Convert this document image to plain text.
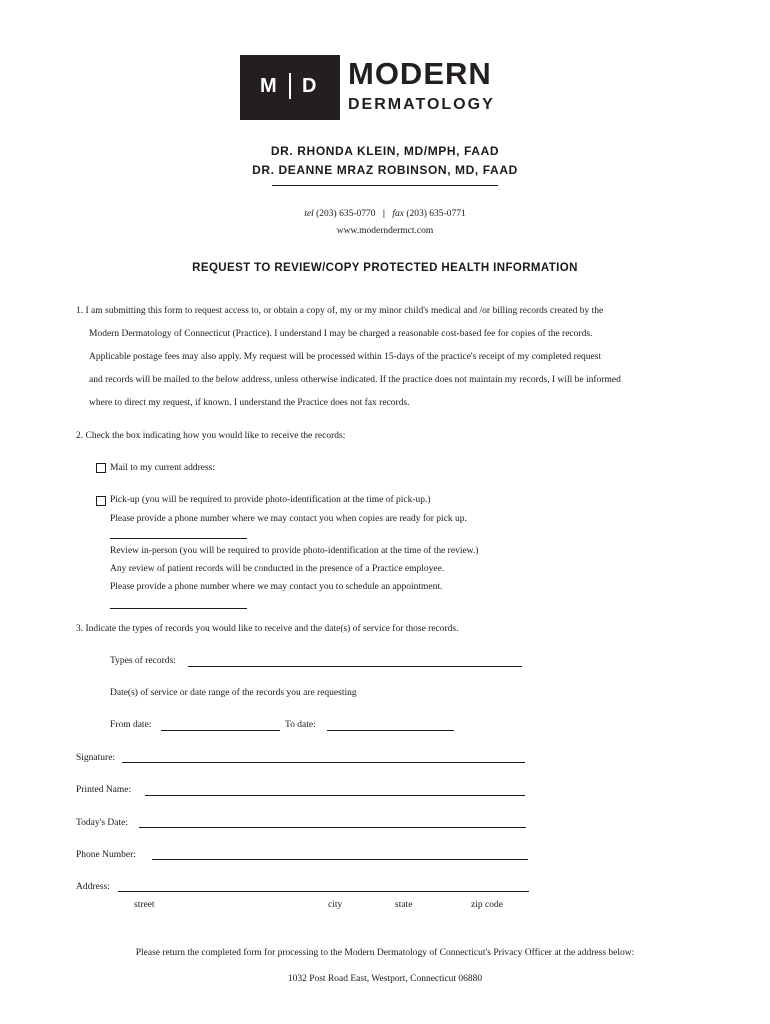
M D MODERN
DERMATOLOGY
DR. RHONDA KLEIN, MD/MPH, FAAD
DR. DEANNE MRAZ ROBINSON, MD, FAAD
tel (203) 635-0770 | fax (203) 635-0771
www.moderndermct.com
REQUEST TO REVIEW/COPY PROTECTED HEALTH INFORMATION
1. I am submitting this form to request access to, or obtain a copy of, my or my minor child's medical and /or billing records created by the
Modern Dermatology of Connecticut (Practice). I understand I may be charged a reasonable cost-based fee for copies of the records.
Applicable postage fees may also apply. My request will be processed within 15-days of the practice's receipt of my completed request
and records will be mailed to the below address, unless otherwise indicated. If the practice does not maintain my records, I will be informed
where to direct my request, if known. I understand the Practice does not fax records.
2. Check the box indicating how you would like to receive the records:
Mail to my current address:
Pick-up (you will be required to provide photo-identification at the time of pick-up.)
Please provide a phone number where we may contact you when copies are ready for pick up.
Review in-person (you will be required to provide photo-identification at the time of the review.)
Any review of patient records will be conducted in the presence of a Practice employee.
Please provide a phone number where we may contact you to schedule an appointment.
3. Indicate the types of records you would like to receive and the date(s) of service for those records.
Types of records:
Date(s) of service or date range of the records you are requesting
From date:	To date:
Signature:
Printed Name:
Today's Date:
Phone Number:
Address:
street	city	state	zip code
Please return the completed form for processing to the Modern Dermatology of Connecticut's Privacy Officer at the address below:
1032 Post Road East, Westport, Connecticut 06880
